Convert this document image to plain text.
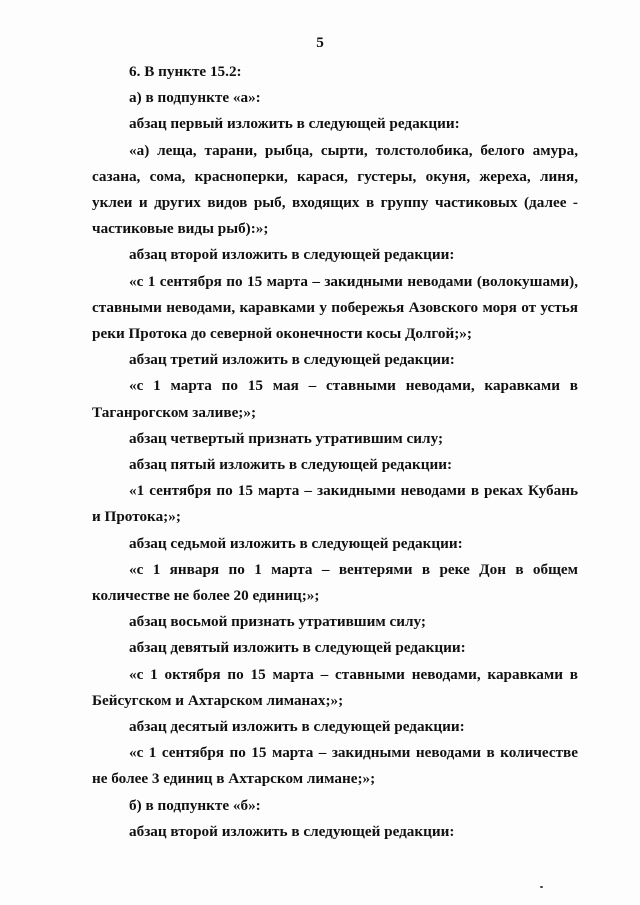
5

6. В пункте 15.2:

а) в подпункте «а»:

абзац первый изложить в следующей редакции:

«а) леща, тарани, рыбца, сырти, толстолобика, белого амура, сазана, сома, красноперки, карася, густеры, окуня, жереха, линя, уклеи и других видов рыб, входящих в группу частиковых (далее - частиковые виды рыб):»;

абзац второй изложить в следующей редакции:

«с 1 сентября по 15 марта – закидными неводами (волокушами), ставными неводами, каравками у побережья Азовского моря от устья реки Протока до северной оконечности косы Долгой;»;

абзац третий изложить в следующей редакции:

«с 1 марта по 15 мая – ставными неводами, каравками в Таганрогском заливе;»;

абзац четвертый признать утратившим силу;

абзац пятый изложить в следующей редакции:

«1 сентября по 15 марта – закидными неводами в реках Кубань и Протока;»;

абзац седьмой изложить в следующей редакции:

«с 1 января по 1 марта – вентерями в реке Дон в общем количестве не более 20 единиц;»;

абзац восьмой признать утратившим силу;

абзац девятый изложить в следующей редакции:

«с 1 октября по 15 марта – ставными неводами, каравками в Бейсугском и Ахтарском лиманах;»;

абзац десятый изложить в следующей редакции:

«с 1 сентября по 15 марта – закидными неводами в количестве не более 3 единиц в Ахтарском лимане;»;

б) в подпункте «б»:

абзац второй изложить в следующей редакции:
